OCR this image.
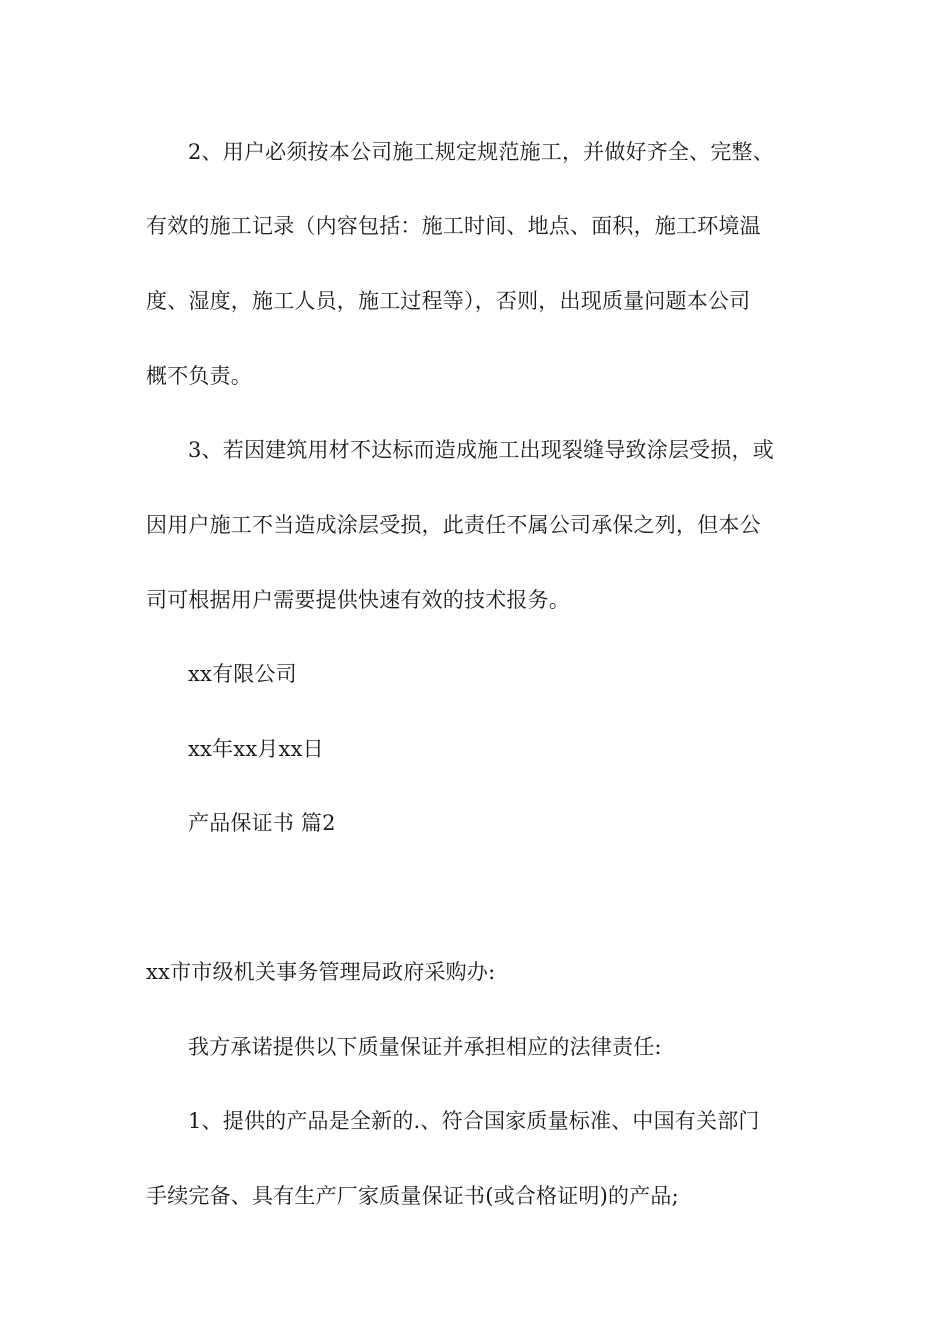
2、用户必须按本公司施工规定规范施工，并做好齐全、完整、
有效的施工记录（内容包括：施工时间、地点、面积，施工环境温
度、湿度，施工人员，施工过程等），否则，出现质量问题本公司
概不负责。
3、若因建筑用材不达标而造成施工出现裂缝导致涂层受损，或
因用户施工不当造成涂层受损，此责任不属公司承保之列，但本公
司可根据用户需要提供快速有效的技术报务。
xx有限公司
xx年xx月xx日
产品保证书 篇2
xx市市级机关事务管理局政府采购办:
我方承诺提供以下质量保证并承担相应的法律责任:
1、提供的产品是全新的.、符合国家质量标准、中国有关部门
手续完备、具有生产厂家质量保证书(或合格证明)的产品;
